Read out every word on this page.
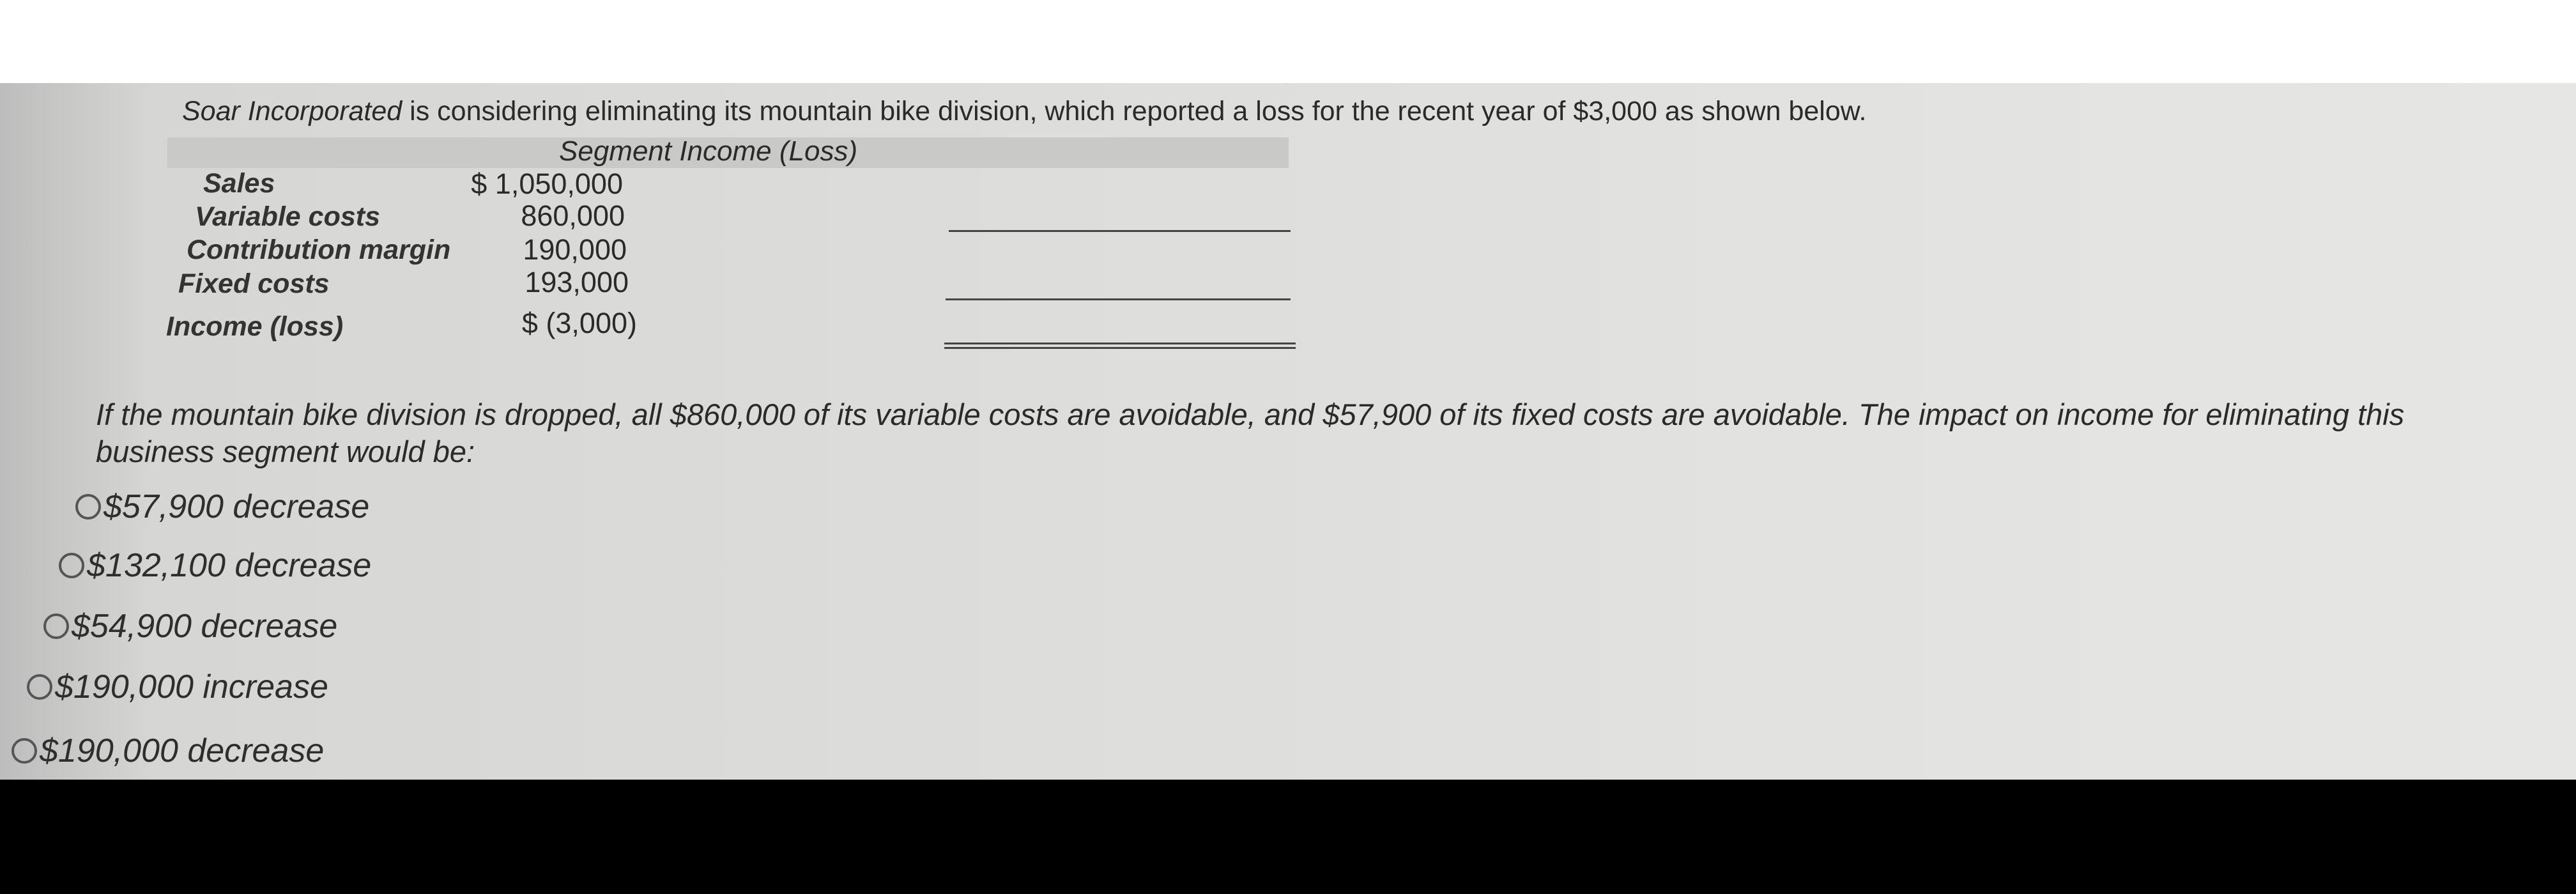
Soar Incorporated is considering eliminating its mountain bike division, which reported a loss for the recent year of $3,000 as shown below.
Segment Income (Loss)
Sales
Variable costs
Contribution margin
Fixed costs
Income (loss)
$ 1,050,000
860,000
190,000
193,000
$ (3,000)
If the mountain bike division is dropped, all $860,000 of its variable costs are avoidable, and $57,900 of its fixed costs are avoidable. The impact on income for eliminating this business segment would be:
$57,900 decrease
$132,100 decrease
$54,900 decrease
$190,000 increase
$190,000 decrease
